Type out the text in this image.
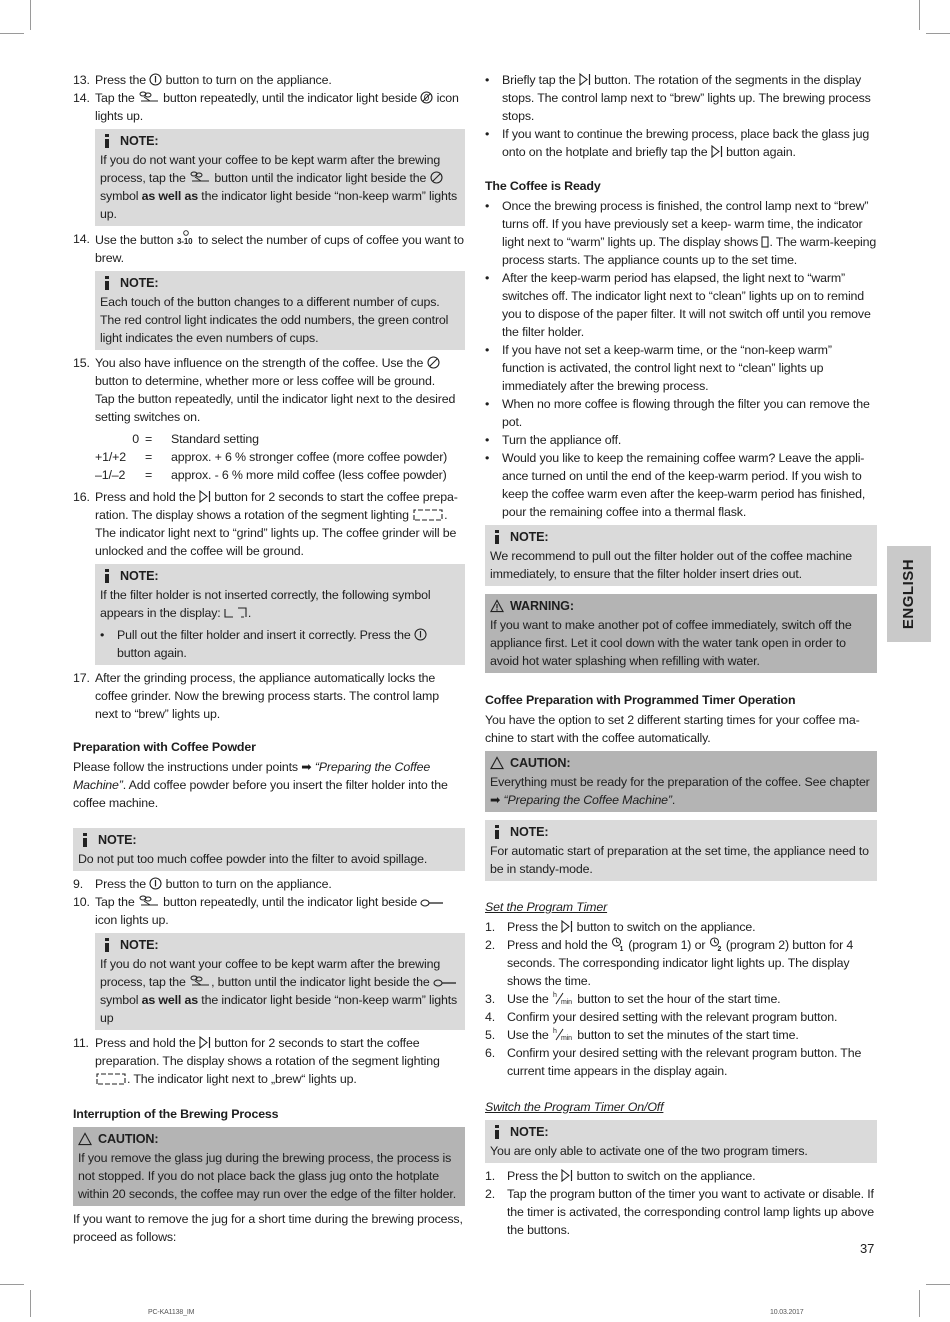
13. Press the  button to turn on the appliance.
14. Tap the  button repeatedly, until the indicator light beside  icon lights up.
NOTE:
If you do not want your coffee to be kept warm after the brewing process, tap the  button until the indicator light beside the  symbol as well as the indicator light beside “non-keep warm” lights up.
14. Use the button 3-10 to select the number of cups of coffee you want to brew.
NOTE:
Each touch of the button changes to a different number of cups. The red control light indicates the odd numbers, the green control light indicates the even numbers of cups.
15. You also have influence on the strength of the coffee. Use the  button to determine, whether more or less coffee will be ground.
Tap the button repeatedly, until the indicator light next to the desired setting switches on.
0 =	Standard setting
+1/+2	=	approx. + 6 % stronger coffee (more coffee powder)
–1/–2	=	approx. - 6 % more mild coffee (less coffee powder)
16. Press and hold the  button for 2 seconds to start the coffee preparation. The display shows a rotation of the segment lighting	. The indicator light next to “grind” lights up. The coffee grinder will be unlocked and the coffee will be ground.
NOTE:
If the filter holder is not inserted correctly, the following symbol appears in the display: .
•	Pull out the filter holder and insert it correctly. Press the  button again.
17. After the grinding process, the appliance automatically locks the coffee grinder. Now the brewing process starts. The control lamp next to “brew” lights up.
Preparation with Coffee Powder

Please follow the instructions under points ➡ “Preparing the Coffee Machine”. Add coffee powder before you insert the filter holder into the coffee machine.

NOTE:
Do not put too much coffee powder into the filter to avoid spillage.
9. Press the  button to turn on the appliance.
10. Tap the  button repeatedly, until the indicator light beside  icon lights up.
NOTE:
If you do not want your coffee to be kept warm after the brewing process, tap the , button until the indicator light beside the  symbol as well as the indicator light beside “non-keep warm” lights up
11. Press and hold the  button for 2 seconds to start the coffee preparation. The display shows a rotation of the segment lighting . The indicator light next to „brew“ lights up.
Interruption of the Brewing Process
CAUTION:
If you remove the glass jug during the brewing process, the process is not stopped. If you do not place back the glass jug onto the hotplate within 20 seconds, the coffee may run over the edge of the filter holder.

If you want to remove the jug for a short time during the brewing process, proceed as follows:

•	Briefly tap the  button. The rotation of the segments in the display stops. The control lamp next to “brew” lights up. The brewing process stops.
•	If you want to continue the brewing process, place back the glass jug onto on the hotplate and briefly tap the  button again.
The Coffee is Ready
•	Once the brewing process is finished, the control lamp next to “brew” turns off. If you have previously set a keep- warm time, the indicator light next to “warm” lights up. The display shows . The warm-keeping process starts. The appliance counts up to the set time.
•	After the keep-warm period has elapsed, the light next to “warm” switches off. The indicator light next to “clean” lights up on to remind you to dispose of the paper filter. It will not switch off until you remove the filter holder.
•	If you have not set a keep-warm time, or the “non-keep warm” function is activated, the control light next to “clean” lights up immediately after the brewing process.
•	When no more coffee is flowing through the filter you can remove the pot.
•	Turn the appliance off.
•	Would you like to keep the remaining coffee warm? Leave the appliance turned on until the end of the keep-warm period. If you wish to keep the coffee warm even after the keep-warm period has finished, pour the remaining coffee into a thermal flask.
NOTE:
We recommend to pull out the filter holder out of the coffee machine immediately, to ensure that the filter holder insert dries out.
WARNING:
If you want to make another pot of coffee immediately, switch off the appliance first. Let it cool down with the water tank open in order to avoid hot water splashing when refilling with water.
Coffee Preparation with Programmed Timer Operation

You have the option to set 2 different starting times for your coffee machine to start with the coffee automatically.

CAUTION:
Everything must be ready for the preparation of the coffee. See chapter
➡ “Preparing the Coffee Machine”.
NOTE:
For automatic start of preparation at the set time, the appliance need to be in standy-mode.
Set the Program Timer
1. Press the  button to switch on the appliance.
2. Press and hold the 1 (program 1) or 2 (program 2) button for 4 seconds. The corresponding indicator light lights up. The display shows the time.
3. Use the h
min button to set the hour of the start time.
4. Confirm your desired setting with the relevant program button.
5. Use the h
min button to set the minutes of the start time.
6. Confirm your desired setting with the relevant program button. The current time appears in the display again.
Switch the Program Timer On/Off
NOTE:
You are only able to activate one of the two program timers.
1. Press the  button to switch on the appliance.
2. Tap the program button of the timer you want to activate or disable. If the timer is activated, the corresponding control lamp lights up above the buttons.
ENGLISH
37
PC-KA1138_IM	10.03.2017
